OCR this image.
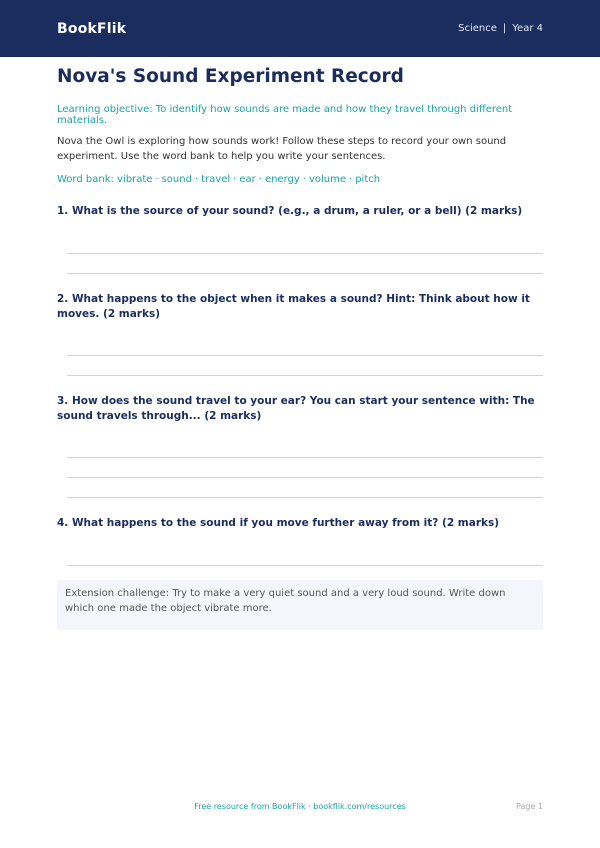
BookFlik	Science | Year 4
Nova's Sound Experiment Record
Learning objective: To identify how sounds are made and how they travel through different materials.
Nova the Owl is exploring how sounds work! Follow these steps to record your own sound experiment. Use the word bank to help you write your sentences.
Word bank: vibrate · sound · travel · ear · energy · volume · pitch
1. What is the source of your sound? (e.g., a drum, a ruler, or a bell) (2 marks)
2. What happens to the object when it makes a sound? Hint: Think about how it moves. (2 marks)
3. How does the sound travel to your ear? You can start your sentence with: The sound travels through... (2 marks)
4. What happens to the sound if you move further away from it? (2 marks)
Extension challenge: Try to make a very quiet sound and a very loud sound. Write down which one made the object vibrate more.
Free resource from BookFlik · bookflik.com/resources	Page 1
